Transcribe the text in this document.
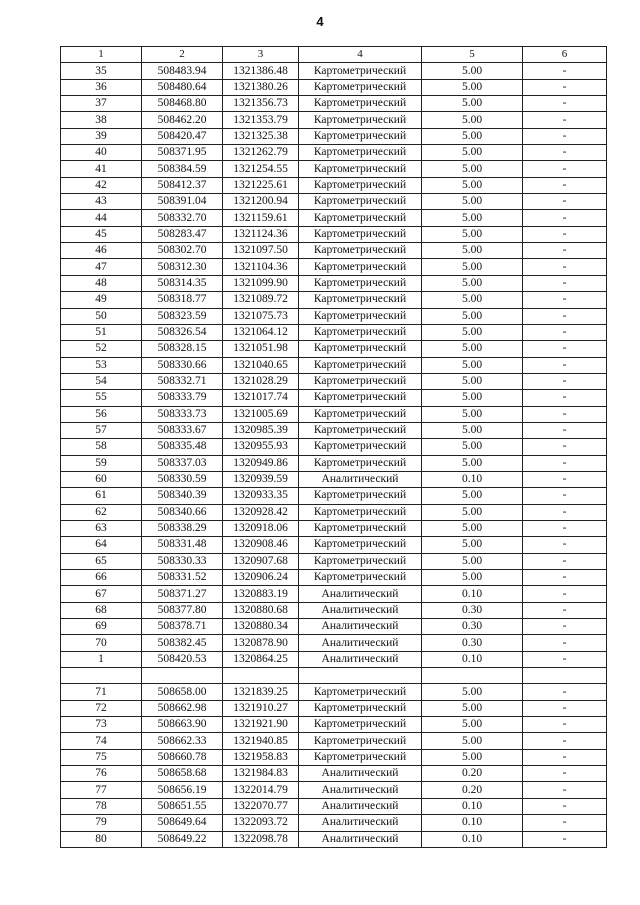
4
1	2	3	4	5	6
35	508483.94	1321386.48	Картометрический	5.00	-
36	508480.64	1321380.26	Картометрический	5.00	-
37	508468.80	1321356.73	Картометрический	5.00	-
38	508462.20	1321353.79	Картометрический	5.00	-
39	508420.47	1321325.38	Картометрический	5.00	-
40	508371.95	1321262.79	Картометрический	5.00	-
41	508384.59	1321254.55	Картометрический	5.00	-
42	508412.37	1321225.61	Картометрический	5.00	-
43	508391.04	1321200.94	Картометрический	5.00	-
44	508332.70	1321159.61	Картометрический	5.00	-
45	508283.47	1321124.36	Картометрический	5.00	-
46	508302.70	1321097.50	Картометрический	5.00	-
47	508312.30	1321104.36	Картометрический	5.00	-
48	508314.35	1321099.90	Картометрический	5.00	-
49	508318.77	1321089.72	Картометрический	5.00	-
50	508323.59	1321075.73	Картометрический	5.00	-
51	508326.54	1321064.12	Картометрический	5.00	-
52	508328.15	1321051.98	Картометрический	5.00	-
53	508330.66	1321040.65	Картометрический	5.00	-
54	508332.71	1321028.29	Картометрический	5.00	-
55	508333.79	1321017.74	Картометрический	5.00	-
56	508333.73	1321005.69	Картометрический	5.00	-
57	508333.67	1320985.39	Картометрический	5.00	-
58	508335.48	1320955.93	Картометрический	5.00	-
59	508337.03	1320949.86	Картометрический	5.00	-
60	508330.59	1320939.59	Аналитический	0.10	-
61	508340.39	1320933.35	Картометрический	5.00	-
62	508340.66	1320928.42	Картометрический	5.00	-
63	508338.29	1320918.06	Картометрический	5.00	-
64	508331.48	1320908.46	Картометрический	5.00	-
65	508330.33	1320907.68	Картометрический	5.00	-
66	508331.52	1320906.24	Картометрический	5.00	-
67	508371.27	1320883.19	Аналитический	0.10	-
68	508377.80	1320880.68	Аналитический	0.30	-
69	508378.71	1320880.34	Аналитический	0.30	-
70	508382.45	1320878.90	Аналитический	0.30	-
1	508420.53	1320864.25	Аналитический	0.10	-

71	508658.00	1321839.25	Картометрический	5.00	-
72	508662.98	1321910.27	Картометрический	5.00	-
73	508663.90	1321921.90	Картометрический	5.00	-
74	508662.33	1321940.85	Картометрический	5.00	-
75	508660.78	1321958.83	Картометрический	5.00	-
76	508658.68	1321984.83	Аналитический	0.20	-
77	508656.19	1322014.79	Аналитический	0.20	-
78	508651.55	1322070.77	Аналитический	0.10	-
79	508649.64	1322093.72	Аналитический	0.10	-
80	508649.22	1322098.78	Аналитический	0.10	-
